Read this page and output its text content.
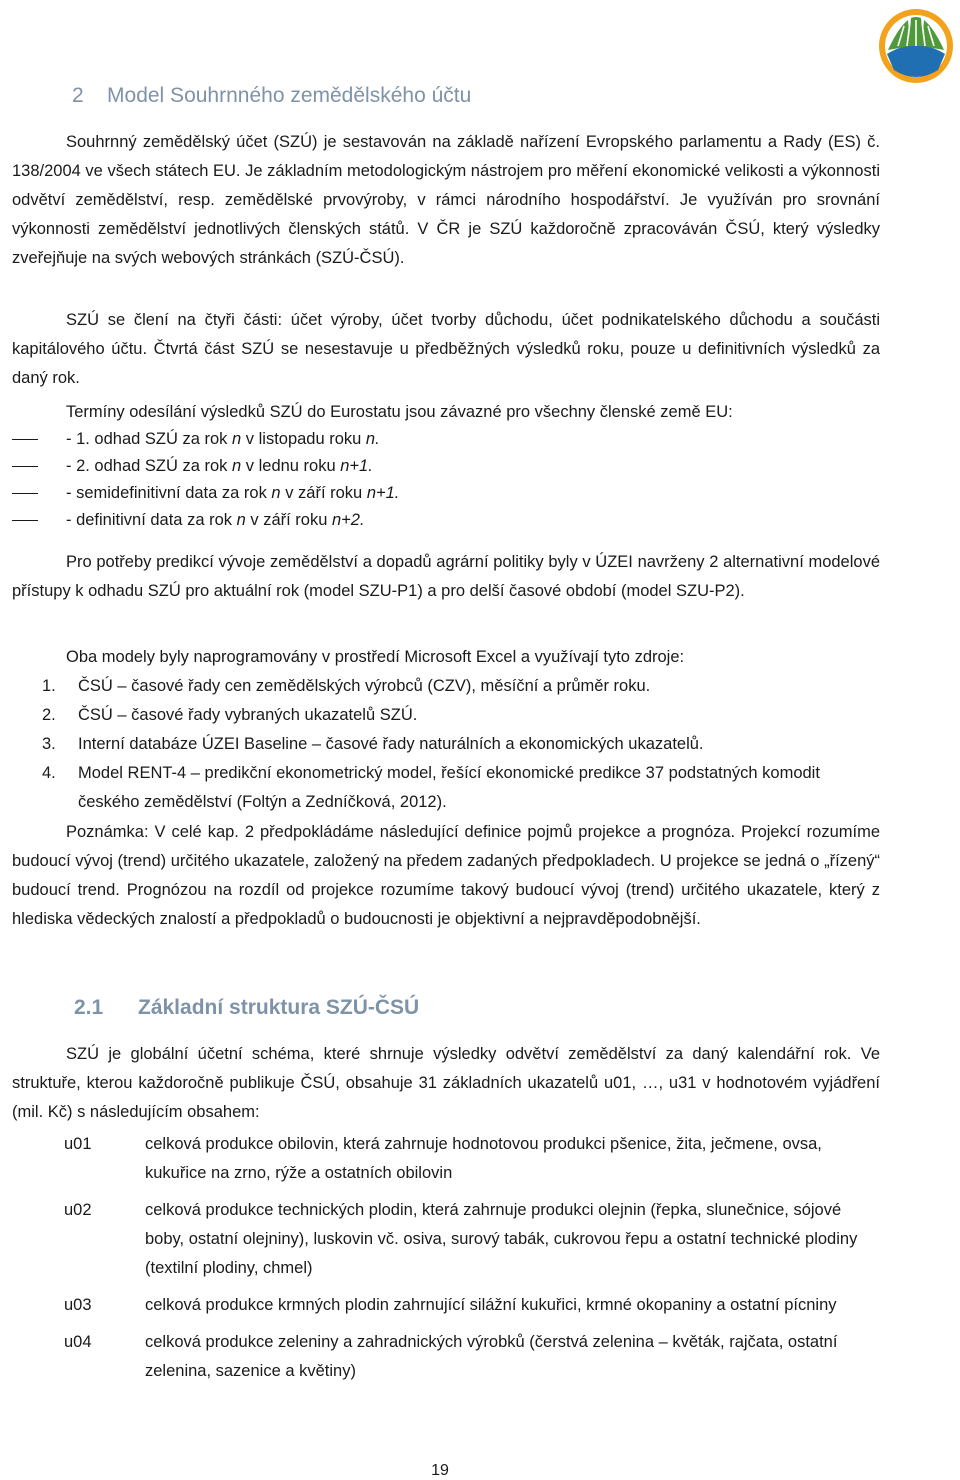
2 Model Souhrnného zemědělského účtu

Souhrnný zemědělský účet (SZÚ) je sestavován na základě nařízení Evropského parlamentu a Rady (ES) č. 138/2004 ve všech státech EU. Je základním metodologickým nástrojem pro měření ekonomické velikosti a výkonnosti odvětví zemědělství, resp. zemědělské prvovýroby, v rámci národního hospodářství. Je využíván pro srovnání výkonnosti zemědělství jednotlivých členských států. V ČR je SZÚ každoročně zpracováván ČSÚ, který výsledky zveřejňuje na svých webových stránkách (SZÚ-ČSÚ).

SZÚ se člení na čtyři části: účet výroby, účet tvorby důchodu, účet podnikatelského důchodu a součásti kapitálového účtu. Čtvrtá část SZÚ se nesestavuje u předběžných výsledků roku, pouze u definitivních výsledků za daný rok.

Termíny odesílání výsledků SZÚ do Eurostatu jsou závazné pro všechny členské země EU:

- 1. odhad SZÚ za rok n v listopadu roku n.
- 2. odhad SZÚ za rok n v lednu roku n+1.
- semidefinitivní data za rok n v září roku n+1.
- definitivní data za rok n v září roku n+2.

Pro potřeby predikcí vývoje zemědělství a dopadů agrární politiky byly v ÚZEI navrženy 2 alternativní modelové přístupy k odhadu SZÚ pro aktuální rok (model SZU-P1) a pro delší časové období (model SZU-P2).

Oba modely byly naprogramovány v prostředí Microsoft Excel a využívají tyto zdroje:

1. ČSÚ – časové řady cen zemědělských výrobců (CZV), měsíční a průměr roku.
2. ČSÚ – časové řady vybraných ukazatelů SZÚ.
3. Interní databáze ÚZEI Baseline – časové řady naturálních a ekonomických ukazatelů.
4. Model RENT-4 – predikční ekonometrický model, řešící ekonomické predikce 37 podstatných komodit českého zemědělství (Foltýn a Zedníčková, 2012).

Poznámka: V celé kap. 2 předpokládáme následující definice pojmů projekce a prognóza. Projekcí rozumíme budoucí vývoj (trend) určitého ukazatele, založený na předem zadaných předpokladech. U projekce se jedná o „řízený“ budoucí trend. Prognózou na rozdíl od projekce rozumíme takový budoucí vývoj (trend) určitého ukazatele, který z hlediska vědeckých znalostí a předpokladů o budoucnosti je objektivní a nejpravděpodobnější.

2.1 Základní struktura SZÚ-ČSÚ

SZÚ je globální účetní schéma, které shrnuje výsledky odvětví zemědělství za daný kalendářní rok. Ve struktuře, kterou každoročně publikuje ČSÚ, obsahuje 31 základních ukazatelů u01, …, u31 v hodnotovém vyjádření (mil. Kč) s následujícím obsahem:

u01	celková produkce obilovin, která zahrnuje hodnotovou produkci pšenice, žita, ječmene, ovsa, kukuřice na zrno, rýže a ostatních obilovin
u02	celková produkce technických plodin, která zahrnuje produkci olejnin (řepka, slunečnice, sójové boby, ostatní olejniny), luskovin vč. osiva, surový tabák, cukrovou řepu a ostatní technické plodiny (textilní plodiny, chmel)
u03	celková produkce krmných plodin zahrnující silážní kukuřici, krmné okopaniny a ostatní pícniny
u04	celková produkce zeleniny a zahradnických výrobků (čerstvá zelenina – květák, rajčata, ostatní zelenina, sazenice a květiny)
19
